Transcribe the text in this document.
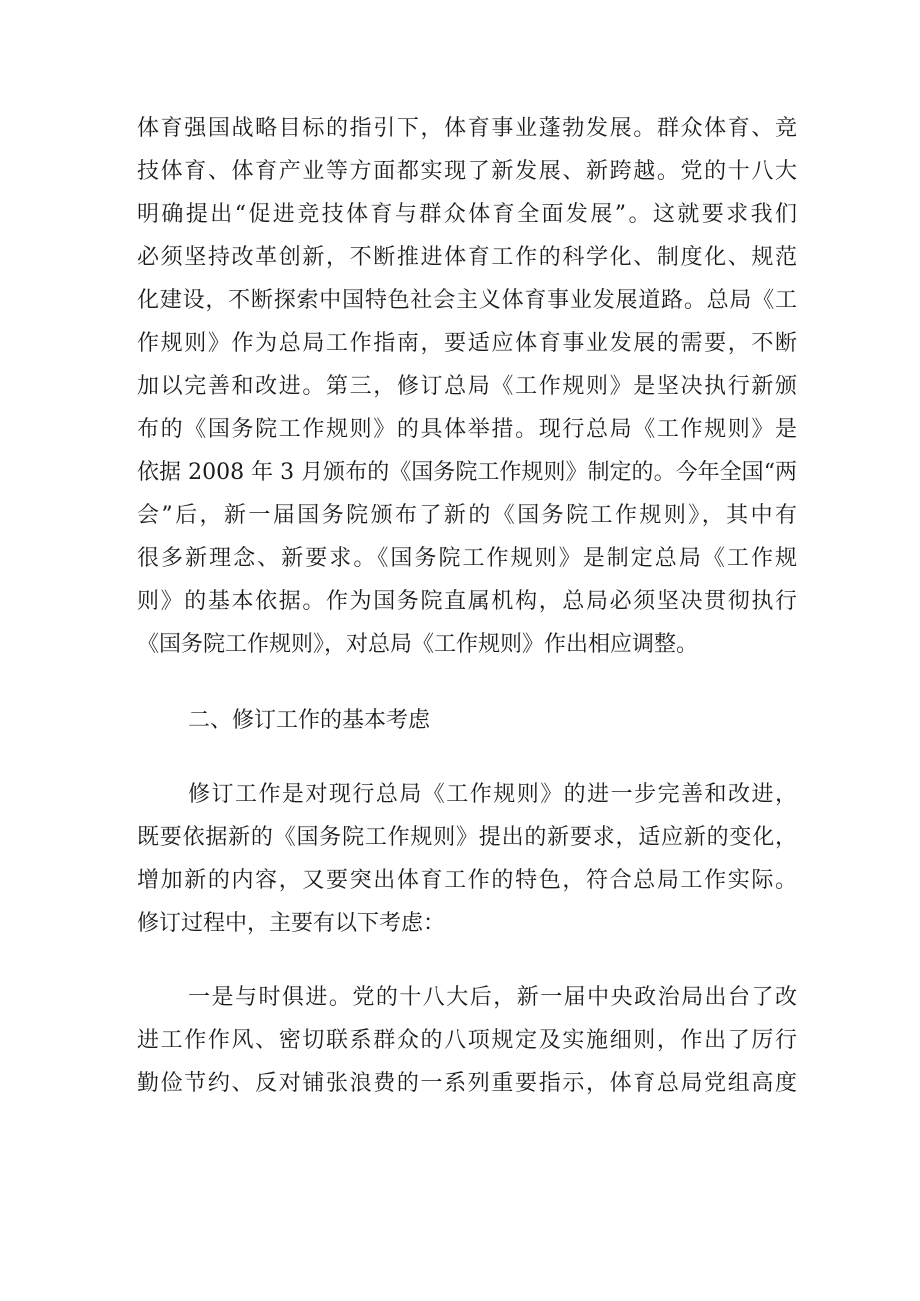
体育强国战略目标的指引下，体育事业蓬勃发展。群众体育、竞
技体育、体育产业等方面都实现了新发展、新跨越。党的十八大
明确提出“促进竞技体育与群众体育全面发展”。这就要求我们
必须坚持改革创新，不断推进体育工作的科学化、制度化、规范
化建设，不断探索中国特色社会主义体育事业发展道路。总局《工
作规则》作为总局工作指南，要适应体育事业发展的需要，不断
加以完善和改进。第三，修订总局《工作规则》是坚决执行新颁
布的《国务院工作规则》的具体举措。现行总局《工作规则》是
依据 2008 年 3 月颁布的《国务院工作规则》制定的。今年全国“两
会”后，新一届国务院颁布了新的《国务院工作规则》，其中有
很多新理念、新要求。《国务院工作规则》是制定总局《工作规
则》的基本依据。作为国务院直属机构，总局必须坚决贯彻执行
《国务院工作规则》，对总局《工作规则》作出相应调整。
二、修订工作的基本考虑
修订工作是对现行总局《工作规则》的进一步完善和改进，
既要依据新的《国务院工作规则》提出的新要求，适应新的变化，
增加新的内容，又要突出体育工作的特色，符合总局工作实际。
修订过程中，主要有以下考虑：
一是与时俱进。党的十八大后，新一届中央政治局出台了改
进工作作风、密切联系群众的八项规定及实施细则，作出了厉行
勤俭节约、反对铺张浪费的一系列重要指示，体育总局党组高度
